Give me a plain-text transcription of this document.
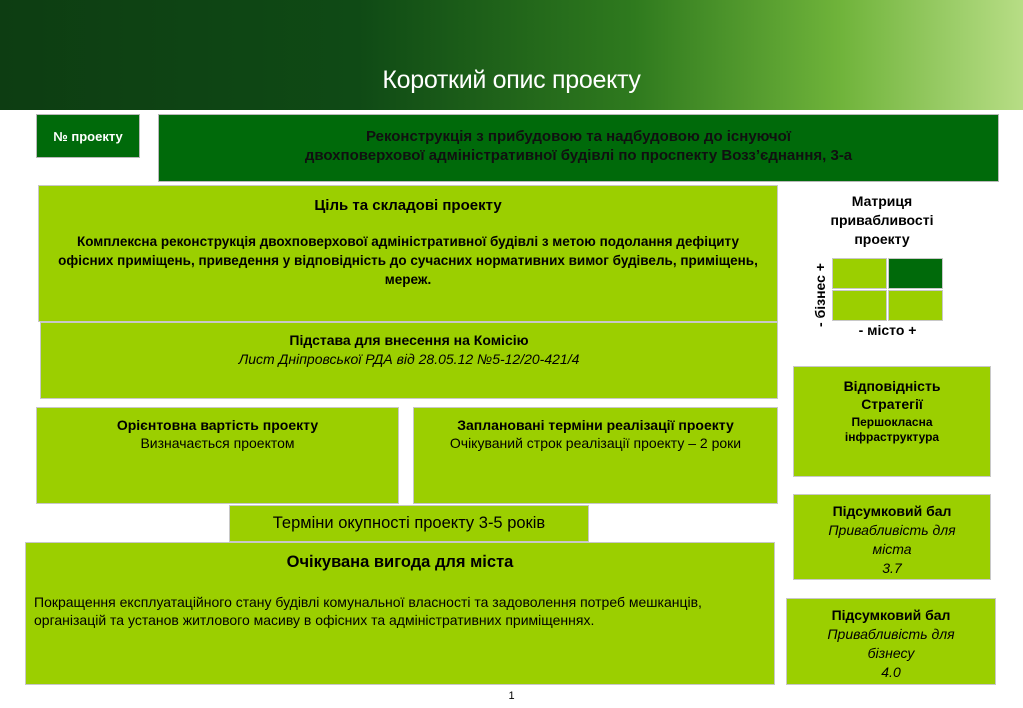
Короткий опис проекту
№ проекту	Реконструкція з прибудовою та надбудовою до існуючої
двохповерхової адміністративної будівлі по проспекту Возз’єднання, 3-а
Ціль та складові проекту
Комплексна реконструкція двохповерхової адміністративної будівлі з метою подолання дефіциту офісних приміщень, приведення у відповідність до сучасних нормативних вимог будівель, приміщень, мереж.
Підстава для внесення на Комісію
Лист Дніпровської РДА від 28.05.12 №5-12/20-421/4
Орієнтовна вартість проекту
Визначається проектом
Заплановані терміни реалізації проекту
Очікуваний строк реалізації проекту – 2 роки
Терміни окупності проекту 3-5 років
Очікувана вигода для міста
Покращення експлуатаційного стану будівлі комунальної власності та задоволення потреб мешканців, організацій та установ житлового масиву в офісних та адміністративних приміщеннях.
Матриця
привабливості
проекту
- бізнес +
- місто +
Відповідність
Стратегії
Першокласна
інфраструктура
Підсумковий бал
Привабливість для
міста
3.7
Підсумковий бал
Привабливість для
бізнесу
4.0
1
